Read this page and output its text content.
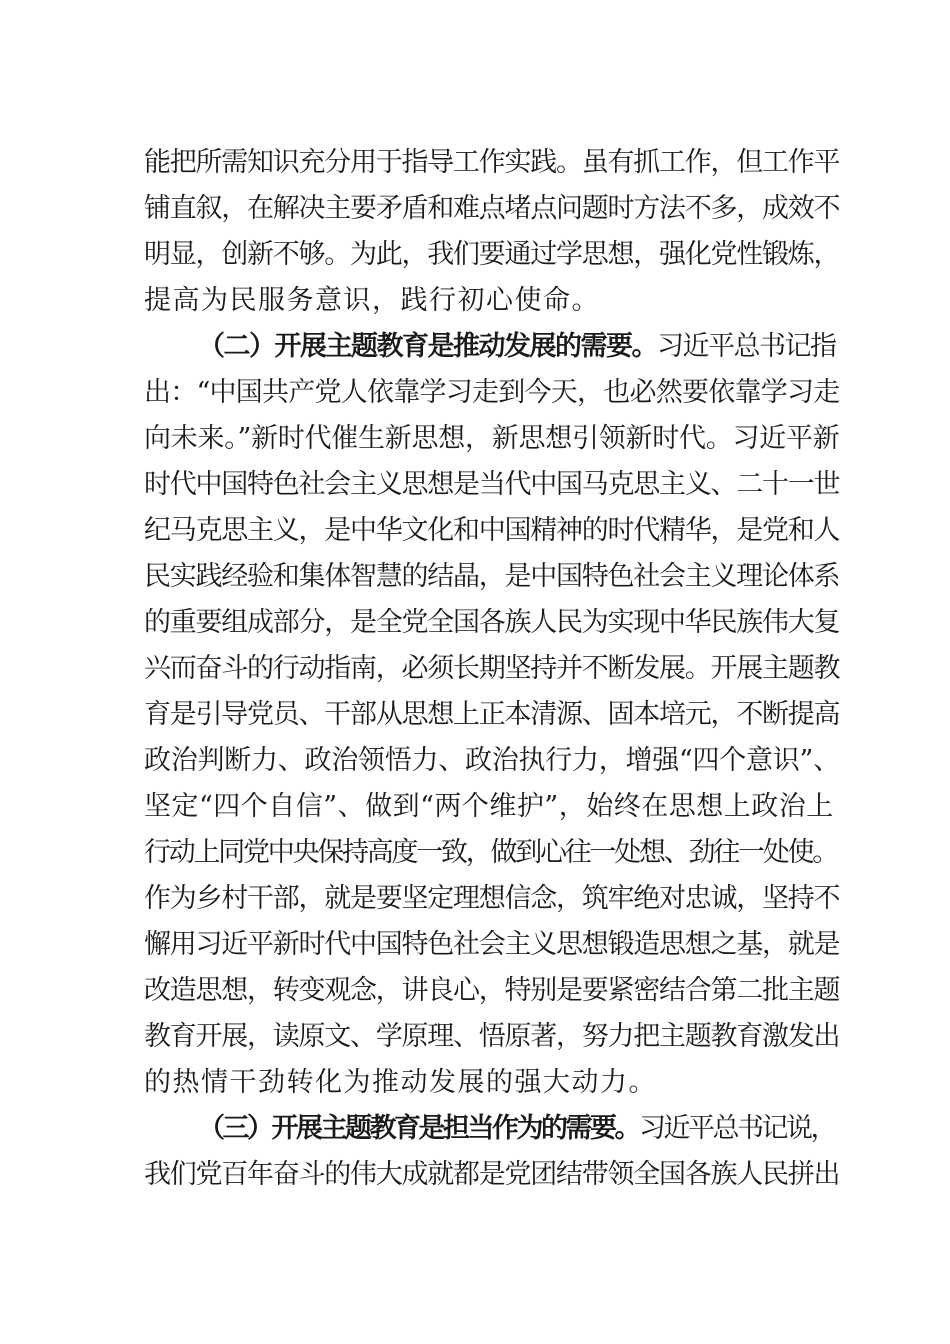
能把所需知识充分用于指导工作实践。虽有抓工作，但工作平
铺直叙，在解决主要矛盾和难点堵点问题时方法不多，成效不
明显，创新不够。为此，我们要通过学思想，强化党性锻炼，
提高为民服务意识，践行初心使命。
（二）开展主题教育是推动发展的需要。习近平总书记指
出：“中国共产党人依靠学习走到今天，也必然要依靠学习走
向未来。”新时代催生新思想，新思想引领新时代。习近平新
时代中国特色社会主义思想是当代中国马克思主义、二十一世
纪马克思主义，是中华文化和中国精神的时代精华，是党和人
民实践经验和集体智慧的结晶，是中国特色社会主义理论体系
的重要组成部分，是全党全国各族人民为实现中华民族伟大复
兴而奋斗的行动指南，必须长期坚持并不断发展。开展主题教
育是引导党员、干部从思想上正本清源、固本培元，不断提高
政治判断力、政治领悟力、政治执行力，增强“四个意识”、
坚定“四个自信”、做到“两个维护”，始终在思想上政治上
行动上同党中央保持高度一致，做到心往一处想、劲往一处使。
作为乡村干部，就是要坚定理想信念，筑牢绝对忠诚，坚持不
懈用习近平新时代中国特色社会主义思想锻造思想之基，就是
改造思想，转变观念，讲良心，特别是要紧密结合第二批主题
教育开展，读原文、学原理、悟原著，努力把主题教育激发出
的热情干劲转化为推动发展的强大动力。
（三）开展主题教育是担当作为的需要。习近平总书记说，
我们党百年奋斗的伟大成就都是党团结带领全国各族人民拼出
